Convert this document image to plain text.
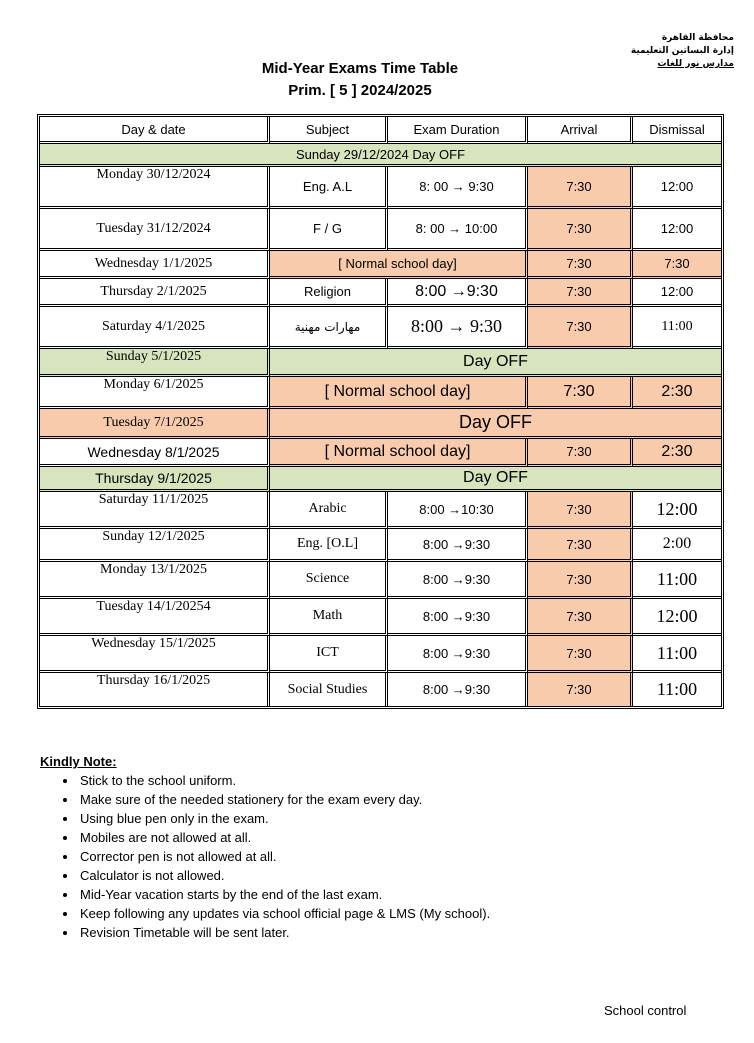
محافظة القاهرة
إدارة البساتين التعليمية
مدارس نور للغات
Mid-Year Exams Time Table
Prim. [ 5 ] 2024/2025
Day & date	Subject	Exam Duration	Arrival	Dismissal
Sunday 29/12/2024 Day OFF				
Monday 30/12/2024	Eng. A.L	8: 00 → 9:30	7:30	12:00
Tuesday 31/12/2024	F / G	8: 00 → 10:00	7:30	12:00
Wednesday 1/1/2025	[ Normal school day]		7:30	7:30
Thursday 2/1/2025	Religion	8:00 →9:30	7:30	12:00
Saturday 4/1/2025	مهارات مهنية	8:00 → 9:30	7:30	11:00
Sunday 5/1/2025	Day OFF			
Monday 6/1/2025	[ Normal school day]		7:30	2:30
Tuesday 7/1/2025	Day OFF			
Wednesday 8/1/2025	[ Normal school day]		7:30	2:30
Thursday 9/1/2025	Day OFF			
Saturday 11/1/2025	Arabic	8:00 →10:30	7:30	12:00
Sunday 12/1/2025	Eng. [O.L]	8:00 →9:30	7:30	2:00
Monday 13/1/2025	Science	8:00 →9:30	7:30	11:00
Tuesday 14/1/20254	Math	8:00 →9:30	7:30	12:00
Wednesday 15/1/2025	ICT	8:00 →9:30	7:30	11:00
Thursday 16/1/2025	Social Studies	8:00 →9:30	7:30	11:00
Kindly Note:
• Stick to the school uniform.
• Make sure of the needed stationery for the exam every day.
• Using blue pen only in the exam.
• Mobiles are not allowed at all.
• Corrector pen is not allowed at all.
• Calculator is not allowed.
• Mid-Year vacation starts by the end of the last exam.
• Keep following any updates via school official page & LMS (My school).
• Revision Timetable will be sent later.
School control
